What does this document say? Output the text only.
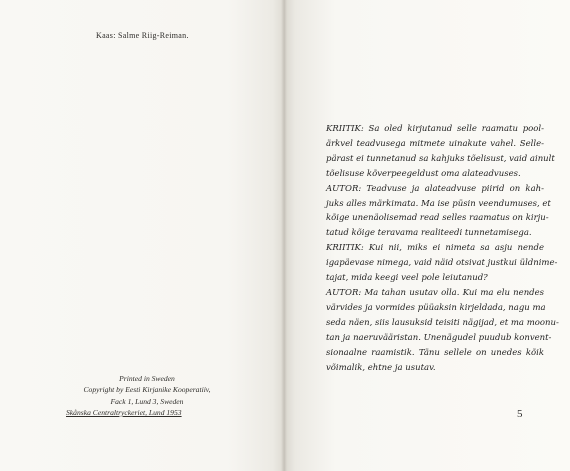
Kaas: Salme Riig-Reiman.
Printed in Sweden
Copyright by Eesti Kirjanike Kooperatiiv,
Fack 1, Lund 3, Sweden
Skånska Centraltryckeriet, Lund 1953
KRIITIK: Sa oled kirjutanud selle raamatu pool-
ärkvel teadvusega mitmete uinakute vahel. Selle-
pärast ei tunnetanud sa kahjuks tõelisust, vaid ainult
tõelisuse kõverpeegeldust oma alateadvuses.
AUTOR: Teadvuse ja alateadvuse piirid on kah-
juks alles märkimata. Ma ise püsin veendumuses, et
kõige unenäolisemad read selles raamatus on kirju-
tatud kõige teravama realiteedi tunnetamisega.
KRIITIK: Kui nii, miks ei nimeta sa asju nende
igapäevase nimega, vaid näid otsivat justkui üldnime-
tajat, mida keegi veel pole leiutanud?
AUTOR: Ma tahan usutav olla. Kui ma elu nendes
värvides ja vormides püüaksin kirjeldada, nagu ma
seda näen, siis lausuksid teisiti nägijad, et ma moonu-
tan ja naeruvääristan. Unenägudel puudub konvent-
sionaalne raamistik. Tänu sellele on unedes kõik
võimalik, ehtne ja usutav.
5
